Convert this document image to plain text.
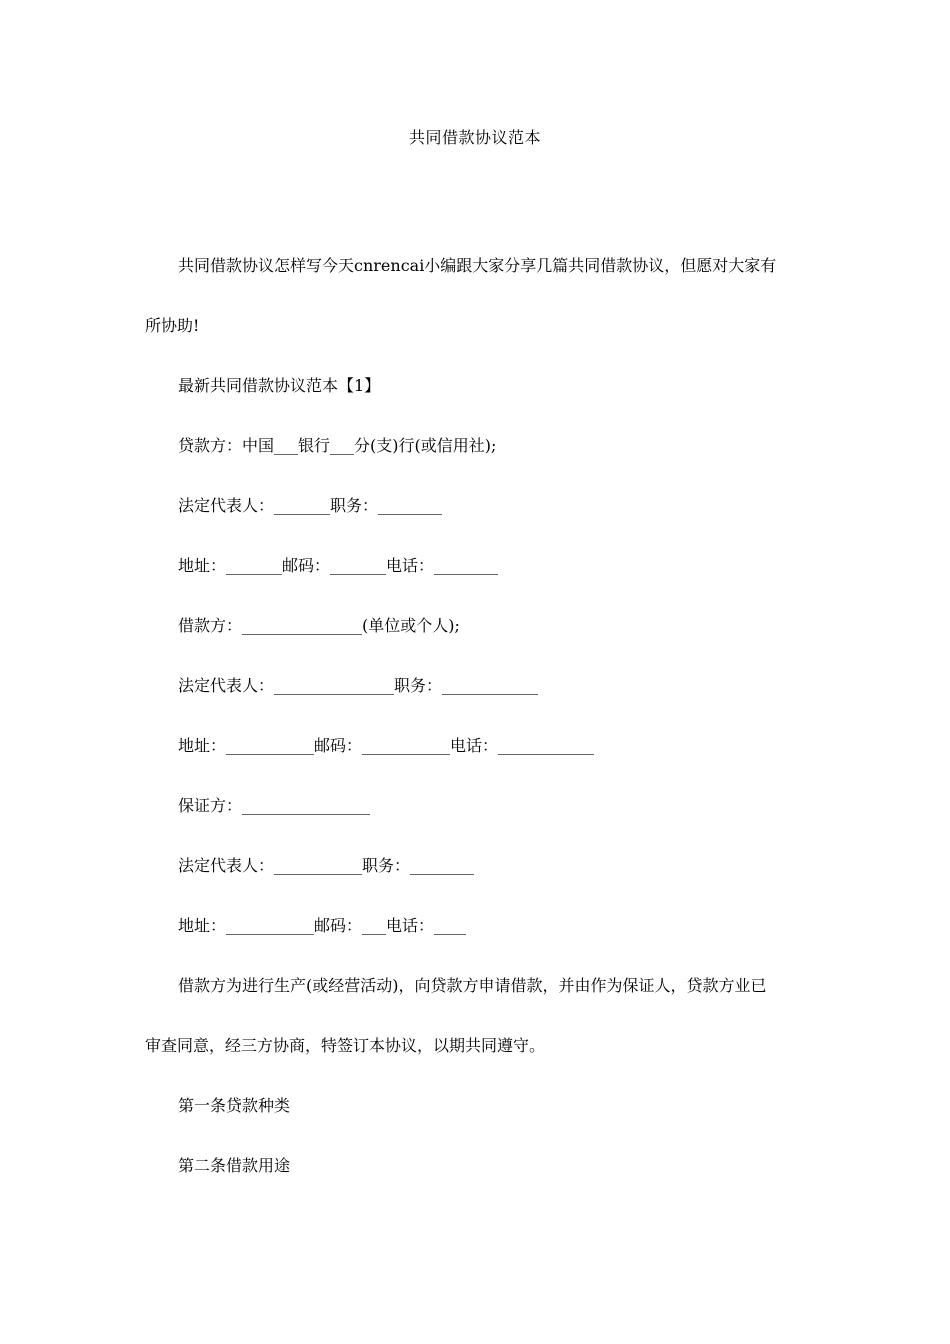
共同借款协议范本
共同借款协议怎样写今天cnrencai小编跟大家分享几篇共同借款协议，但愿对大家有
所协助!
最新共同借款协议范本【1】
贷款方：中国___银行___分(支)行(或信用社);
法定代表人：_______职务：________
地址：_______邮码：_______电话：________
借款方：_______________(单位或个人);
法定代表人：_______________职务：____________
地址：___________邮码：___________电话：____________
保证方：________________
法定代表人：___________职务：________
地址：___________邮码：___电话：____
借款方为进行生产(或经营活动)，向贷款方申请借款，并由作为保证人，贷款方业已
审查同意，经三方协商，特签订本协议，以期共同遵守。
第一条贷款种类
第二条借款用途
